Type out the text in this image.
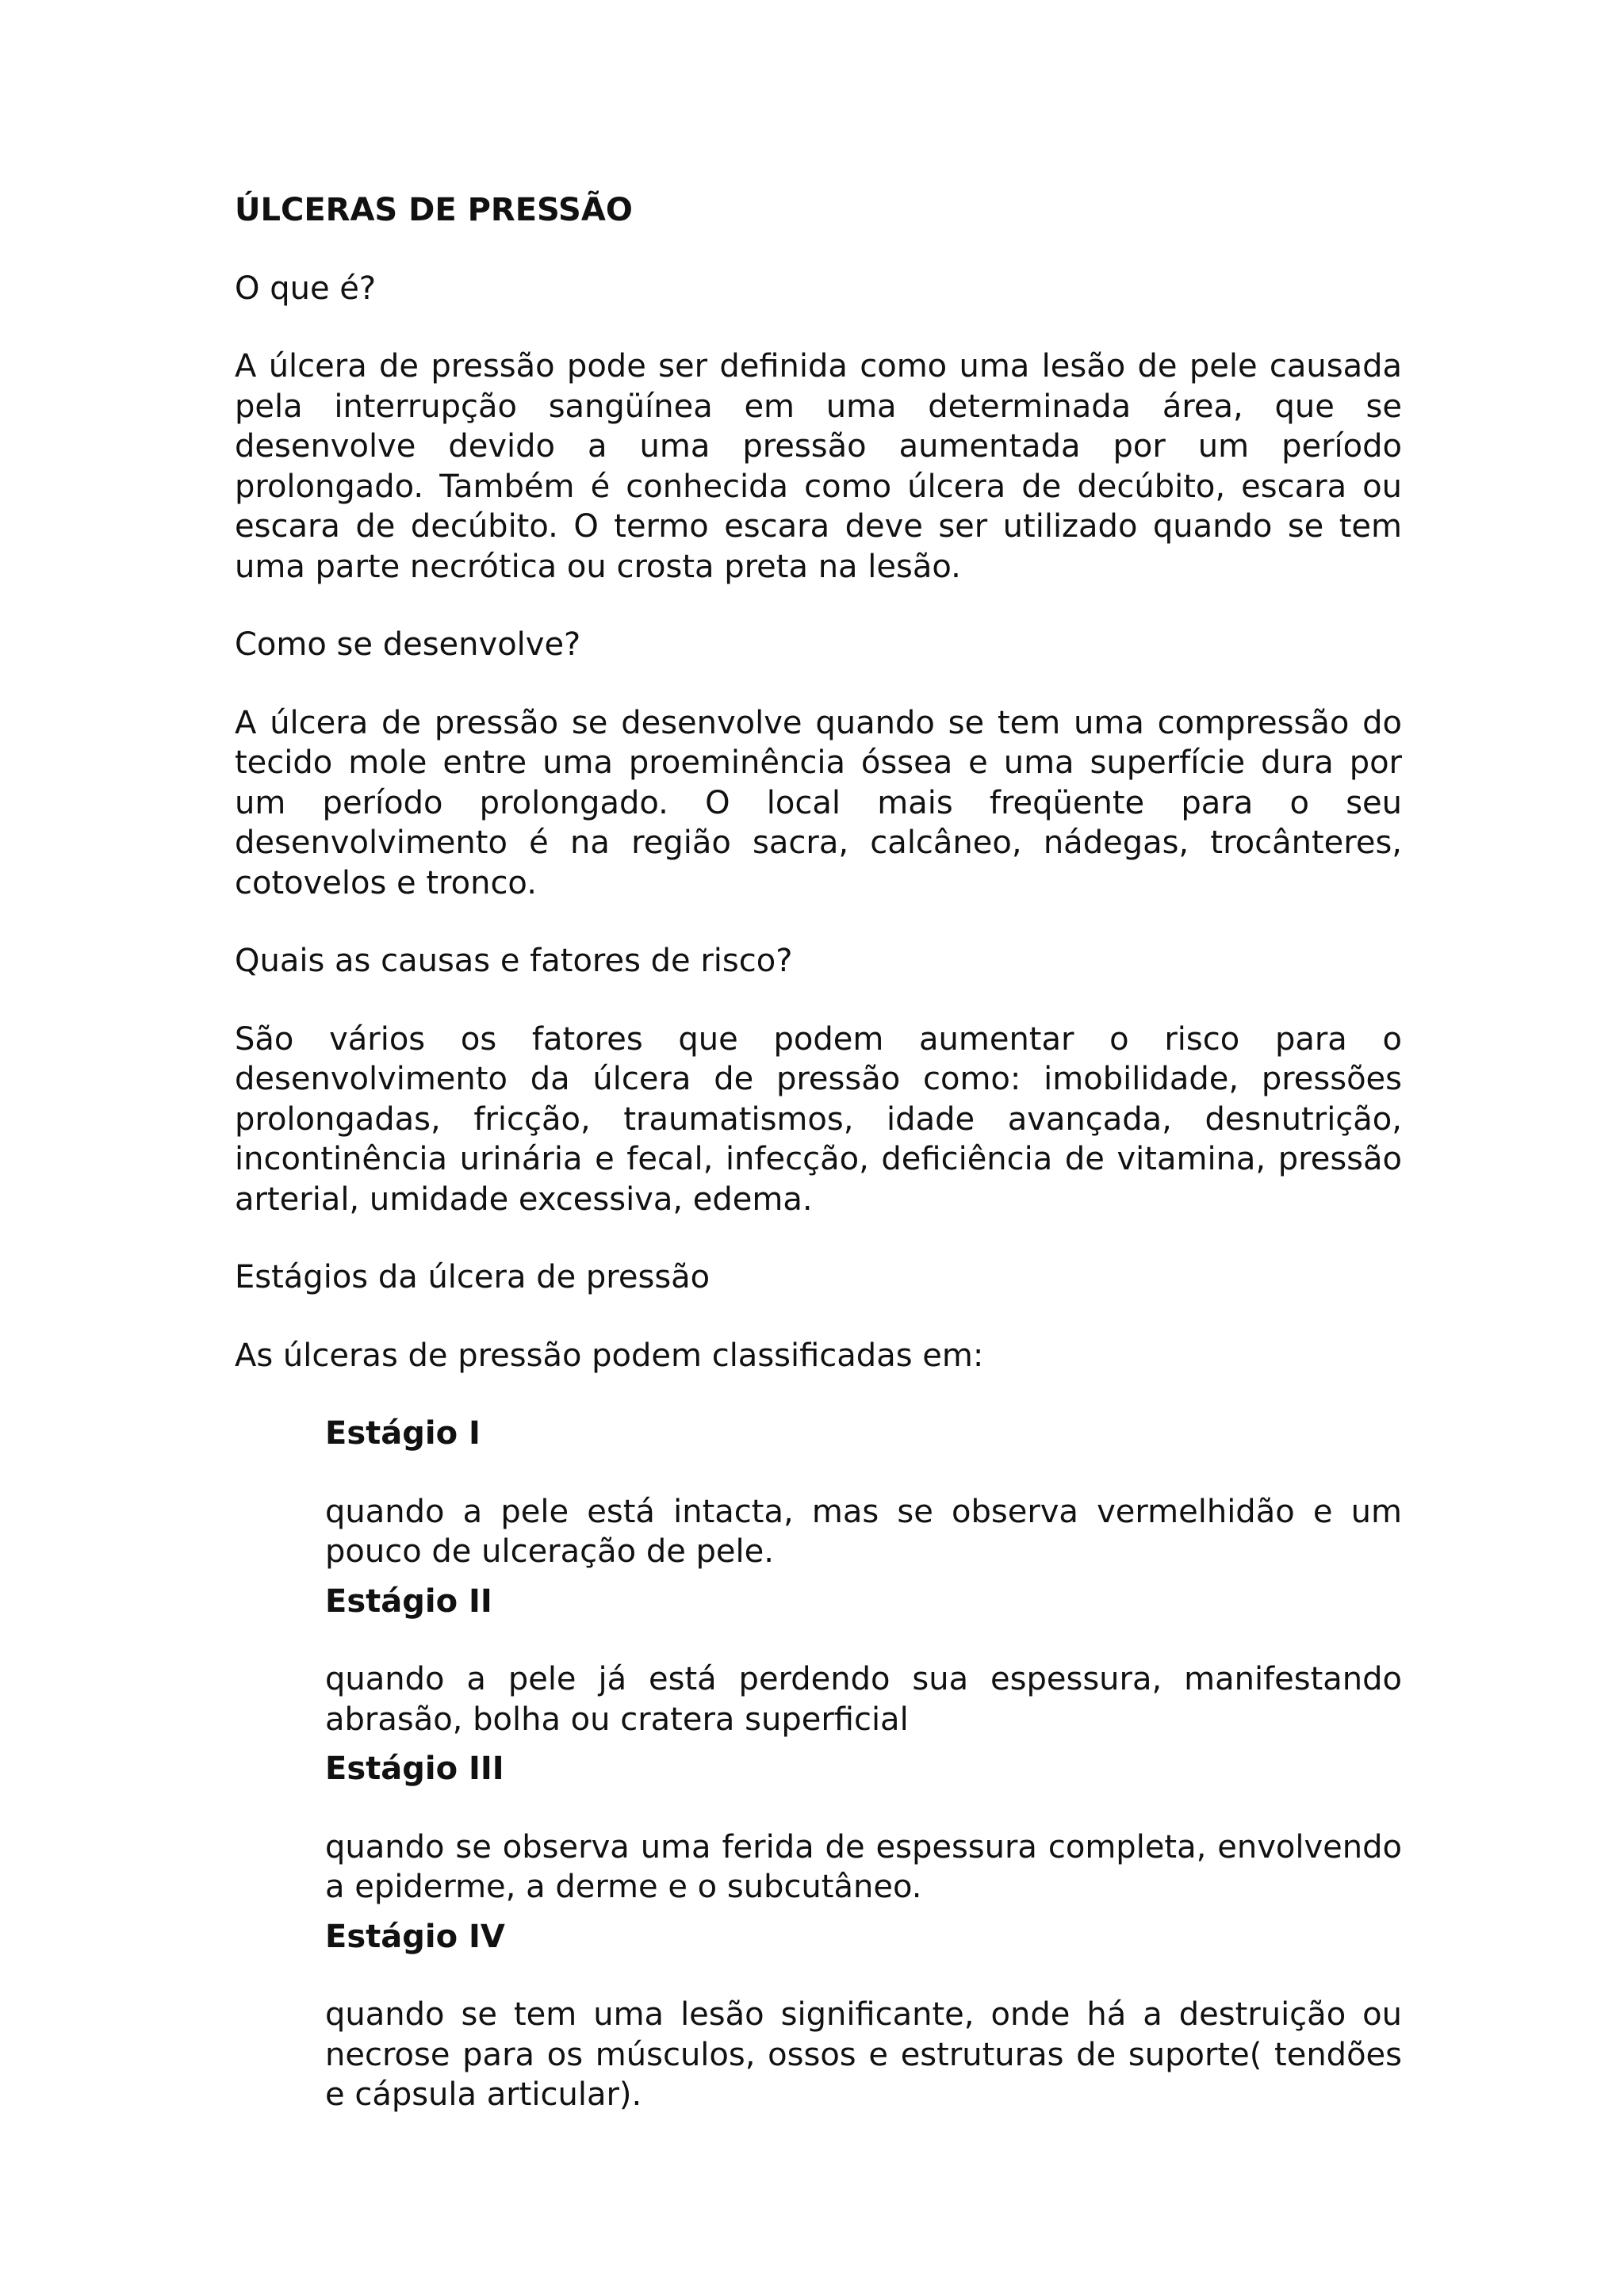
ÚLCERAS DE PRESSÃO

O que é?

A úlcera de pressão pode ser definida como uma lesão de pele causada pela interrupção sangüínea em uma determinada área, que se desenvolve devido a uma pressão aumentada por um período prolongado. Também é conhecida como úlcera de decúbito, escara ou escara de decúbito. O termo escara deve ser utilizado quando se tem uma parte necrótica ou crosta preta na lesão.

Como se desenvolve?

A úlcera de pressão se desenvolve quando se tem uma compressão do tecido mole entre uma proeminência óssea e uma superfície dura por um período prolongado. O local mais freqüente para o seu desenvolvimento é na região sacra, calcâneo, nádegas, trocânteres, cotovelos e tronco.

Quais as causas e fatores de risco?

São vários os fatores que podem aumentar o risco para o desenvolvimento da úlcera de pressão como: imobilidade, pressões prolongadas, fricção, traumatismos, idade avançada, desnutrição, incontinência urinária e fecal, infecção, deficiência de vitamina, pressão arterial, umidade excessiva, edema.

Estágios da úlcera de pressão

As úlceras de pressão podem classificadas em:

Estágio I

quando a pele está intacta, mas se observa vermelhidão e um pouco de ulceração de pele.

Estágio II

quando a pele já está perdendo sua espessura, manifestando abrasão, bolha ou cratera superficial

Estágio III

quando se observa uma ferida de espessura completa, envolvendo a epiderme, a derme e o subcutâneo.

Estágio IV

quando se tem uma lesão significante, onde há a destruição ou necrose para os músculos, ossos e estruturas de suporte( tendões e cápsula articular).
